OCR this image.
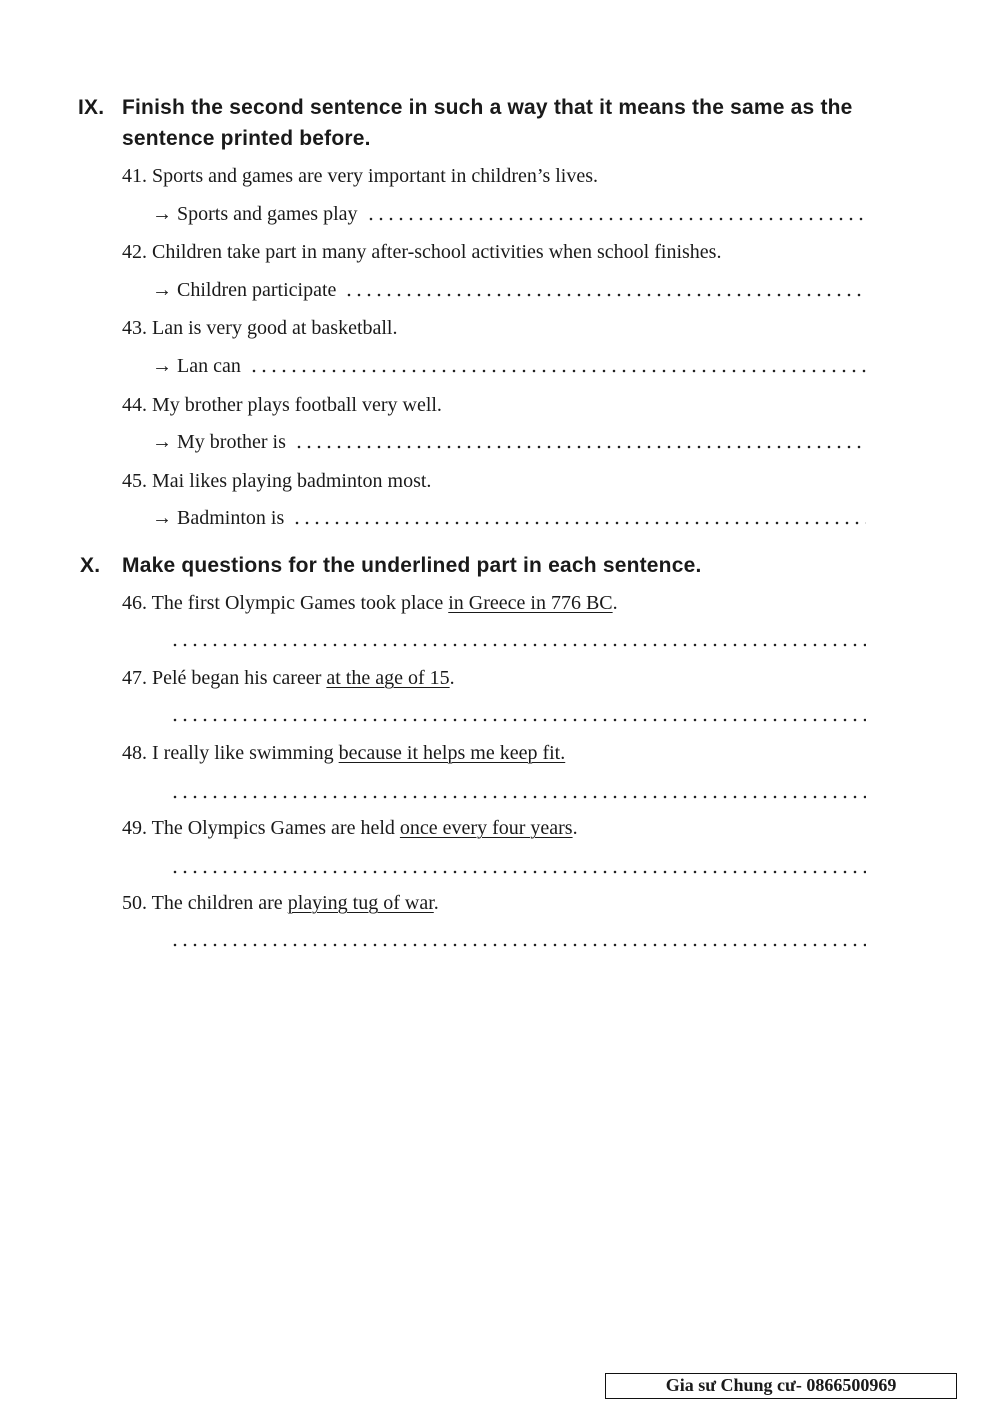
IX. Finish the second sentence in such a way that it means the same as the sentence printed before.
41. Sports and games are very important in children’s lives.
→ Sports and games play
42. Children take part in many after-school activities when school finishes.
→ Children participate
43. Lan is very good at basketball.
→ Lan can
44. My brother plays football very well.
→ My brother is
45. Mai likes playing badminton most.
→ Badminton is
X. Make questions for the underlined part in each sentence.
46. The first Olympic Games took place in Greece in 776 BC.
47. Pelé began his career at the age of 15.
48. I really like swimming because it helps me keep fit.
49. The Olympics Games are held once every four years.
50. The children are playing tug of war.
Gia sư Chung cư- 0866500969
